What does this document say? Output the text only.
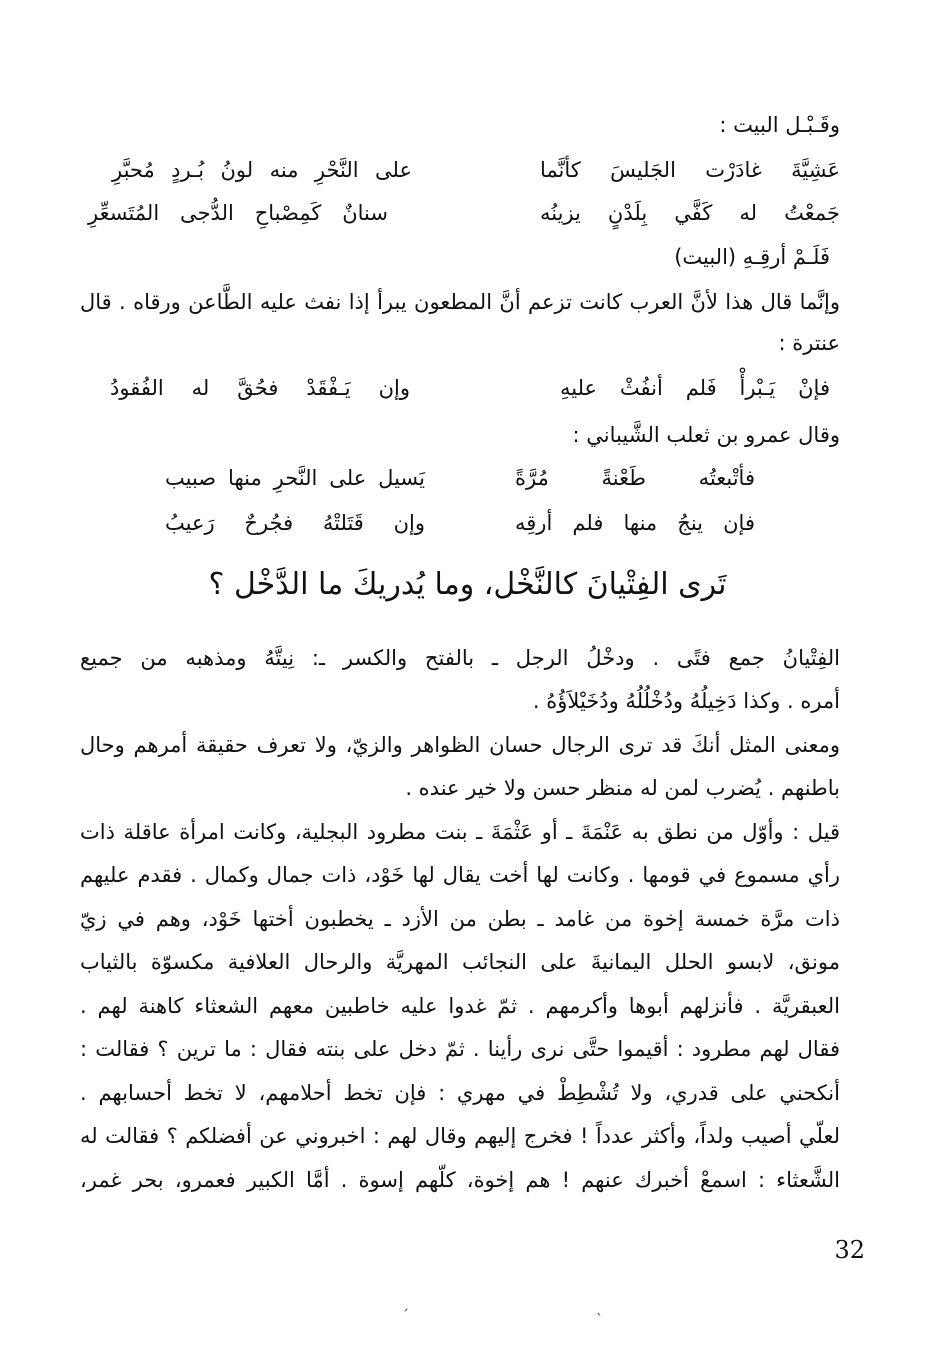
وقَـبْـل البيت :
عَشِيَّةَ غادَرْت الجَليسَ كأنَّما
على النَّحْرِ منه لونُ بُـردٍ مُحبَّرِ
جَمعْتُ له كَفَّي بِلَدْنٍ يزينُه
سنانٌ كَمِصْباحِ الدُّجى المُتَسعِّرِ
فَلَـمْ أرقِـهِ (البيت)
وإنَّما قال هذا لأنَّ العرب كانت تزعم أنَّ المطعون يبرأ إذا نفث عليه الطَّاعن ورقاه . قال
عنترة :
فإنْ يَـبْرأْ فَلم أنفُثْ عليهِ
وإن يَـفْقَدْ فحُقَّ له الفُقودُ
وقال عمرو بن ثعلب الشَّيباني :
فأتْبعتُه طَعْنةً مُرَّةً
يَسيل على النَّحرِ منها صبيب
فإن ينجُ منها فلم أرقِه
وإن قَتَلتْهُ فجُرحٌ رَعيبُ
تَرى الفِتْيانَ كالنَّخْل، وما يُدريكَ ما الدَّخْل ؟
الفِتْيانُ جمع فتًى . ودخْلُ الرجل ـ بالفتح والكسر ـ: نِيتَّهُ ومذهبه من جميع
أمره . وكذا دَخِيلُهُ ودُخْلُلُهُ ودُخَيْلاَؤُهُ .
ومعنى المثل أنكَ قد ترى الرجال حسان الظواهر والزيّ، ولا تعرف حقيقة أمرهم وحال
باطنهم . يُضرب لمن له منظر حسن ولا خير عنده .
قيل : وأوّل من نطق به عَنْمَةَ ـ أو عَثْمَةَ ـ بنت مطرود البجلية، وكانت امرأة عاقلة ذات
رأي مسموع في قومها . وكانت لها أخت يقال لها خَوْد، ذات جمال وكمال . فقدم عليهم
ذات مرَّة خمسة إخوة من غامد ـ بطن من الأزد ـ يخطبون أختها خَوْد، وهم في زيّ
مونق، لابسو الحلل اليمانيةَ على النجائب المهريَّة والرحال العلافية مكسوّة بالثياب
العبقريَّة . فأنزلهم أبوها وأكرمهم . ثمّ غدوا عليه خاطبين معهم الشعثاء كاهنة لهم .
فقال لهم مطرود : أقيموا حتَّى نرى رأينا . ثمّ دخل على بنته فقال : ما ترين ؟ فقالت :
أنكحني على قدري، ولا تُشْطِطْ في مهري : فإن تخط أحلامهم، لا تخط أحسابهم .
لعلّي أصيب ولداً، وأكثر عدداً ! فخرج إليهم وقال لهم : اخبروني عن أفضلكم ؟ فقالت له
الشَّعثاء : اسمعْ أخبرك عنهم ! هم إخوة، كلّهم إسوة . أمَّا الكبير فعمرو، بحر غمر،
32
ˏ	ˎ
